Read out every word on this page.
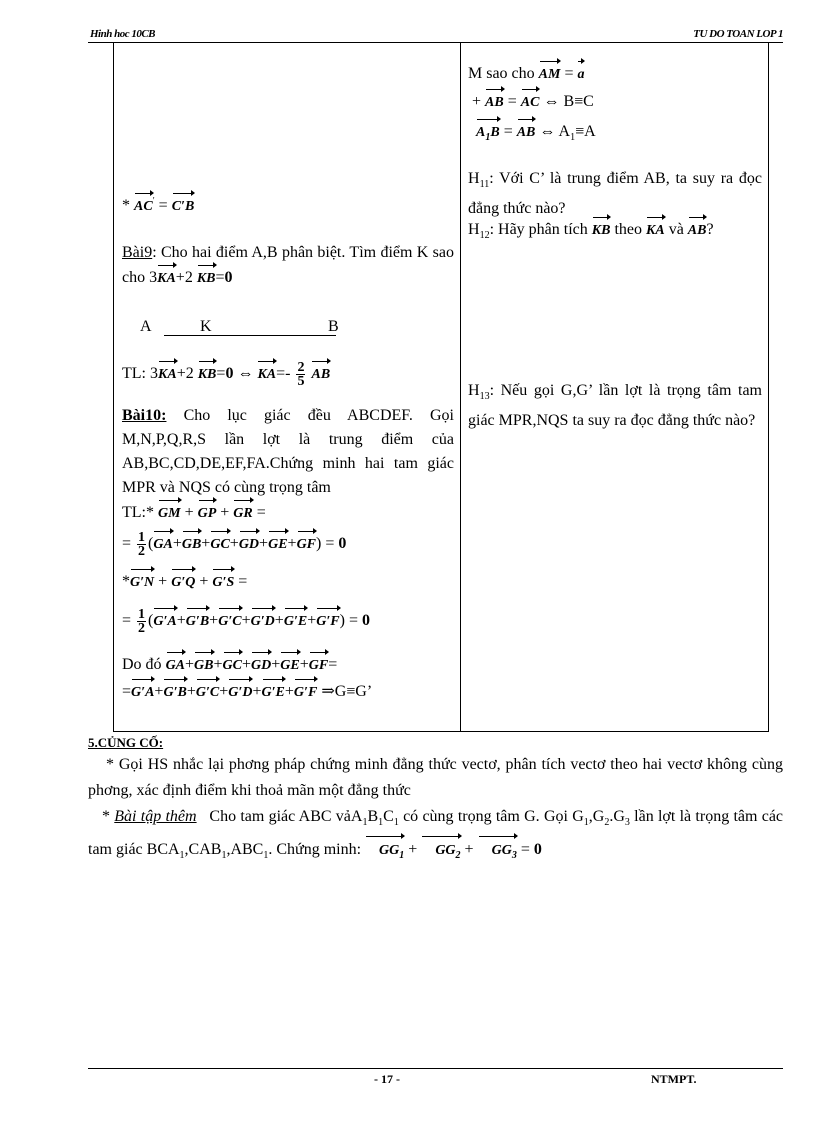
Hinh hoc 10CB	TU DO TOAN LOP 1
* AC′ = C′B
Bài9: Cho hai điểm A,B phân biệt. Tìm điểm K sao cho 3KA+2 KB=0
A	K	B
TL: 3KA+2 KB=0 ⇔ $KA=- \frac{2}{5}$ AB
Bài10: Cho lục giác đều ABCDEF. Gọi M,N,P,Q,R,S lần lợt là trung điểm của AB,BC,CD,DE,EF,FA.Chứng minh hai tam giác MPR và NQS có cùng trọng tâm
TL:* GM + GP + GR =
= $\frac{1}{2} (GA+GB+GC+GD+GE+GF) = 0$
*G′N + G′Q + G′S =
= $\frac{1}{2} (G'A+G'B+G'C+G'D+G'E+G'F) = 0$
Do đó GA+GB+GC+GD+GE+GF=
=G′A+G′B+G′C+G′D+G′E+G′F ⇒G≡G’
M sao cho AM = a
+ AB = AC ⇔ B≡C
$A_1B$ = AB ⇔ $A_1\equiv A$
$H_{11}$: Với C’ là trung điểm AB, ta suy ra đọc đẳng thức nào?
$H_{12}$: Hãy phân tích KB theo KA và AB?
$H_{13}$: Nếu gọi G,G’ lần lợt là trọng tâm tam giác MPR,NQS ta suy ra đọc đẳng thức nào?
5.CỦNG CỐ:
* Gọi HS nhắc lại phơng pháp chứng minh đẳng thức vectơ, phân tích vectơ theo hai vectơ không cùng phơng, xác định điểm khi thoả mãn một đẳng thức
* Bài tập thêm   Cho tam giác ABC $vảA_1B_1C_1$ có cùng trọng tâm G. Gọi $G_1,G_2.G_3$ lần lợt là trọng tâm các tam giác $BCA_1,CAB_1,ABC_1$. Chứng minh: $GG_1 + GG_2 + GG_3 = 0$
- 17 -	NTMPT.
